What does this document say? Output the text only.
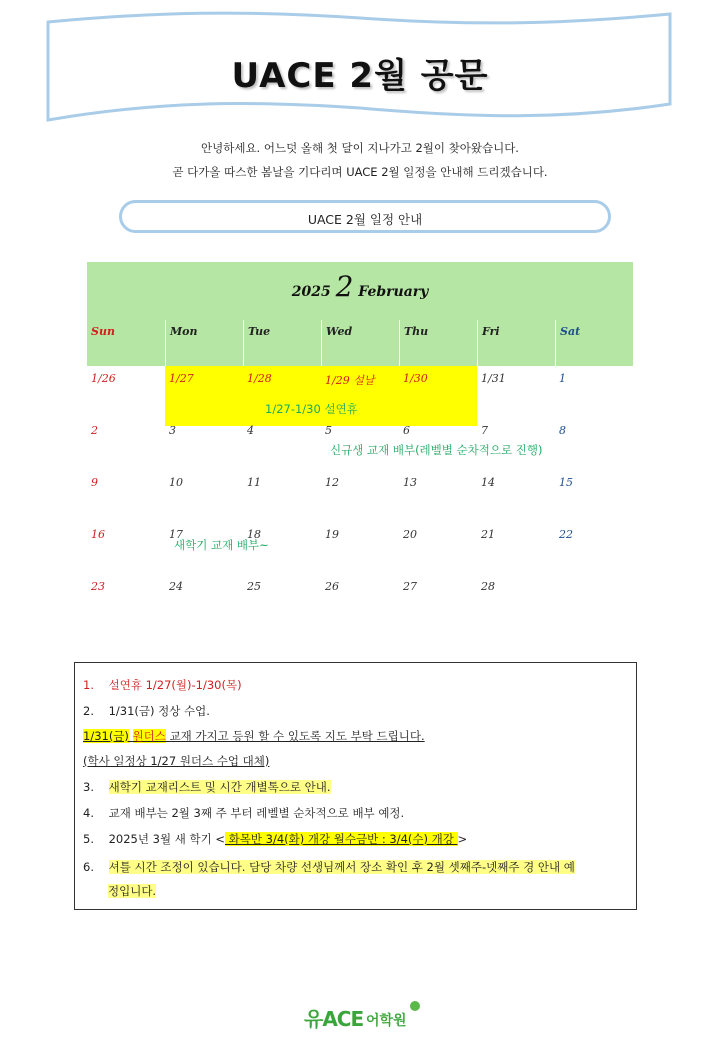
UACE 2월 공문
안녕하세요. 어느덧 올해 첫 달이 지나가고 2월이 찾아왔습니다.
곧 다가올 따스한 봄날을 기다리며 UACE 2월 일정을 안내해 드리겠습니다.
UACE 2월 일정 안내
2025 2 February
Sun	Mon	Tue	Wed	Thu	Fri	Sat
1/26	1/27	1/28	1/29 설날	1/30	1/31	1
2	3	4	5	6	7	8
9	10	11	12	13	14	15
16	17	18	19	20	21	22
23	24	25	26	27	28
1/27-1/30 설연휴
신규생 교재 배부(레벨별 순차적으로 진행)
새학기 교재 배부~
1. 설연휴 1/27(월)-1/30(목)
2. 1/31(금) 정상 수업.
1/31(금) 원더스 교재 가지고 등원 할 수 있도록 지도 부탁 드립니다.
(학사 일정상 1/27 원더스 수업 대체)
3. 새학기 교재리스트 및 시간 개별톡으로 안내.
4. 교재 배부는 2월 3째 주 부터 레벨별 순차적으로 배부 예정.
5. 2025년 3월 새 학기 < 화목반 3/4(화) 개강 월수금반 : 3/4(수) 개강 >
6. 셔틀 시간 조정이 있습니다. 담당 차량 선생님께서 장소 확인 후 2월 셋째주-넷째주 경 안내 예
정입니다.
유ACE 어학원
